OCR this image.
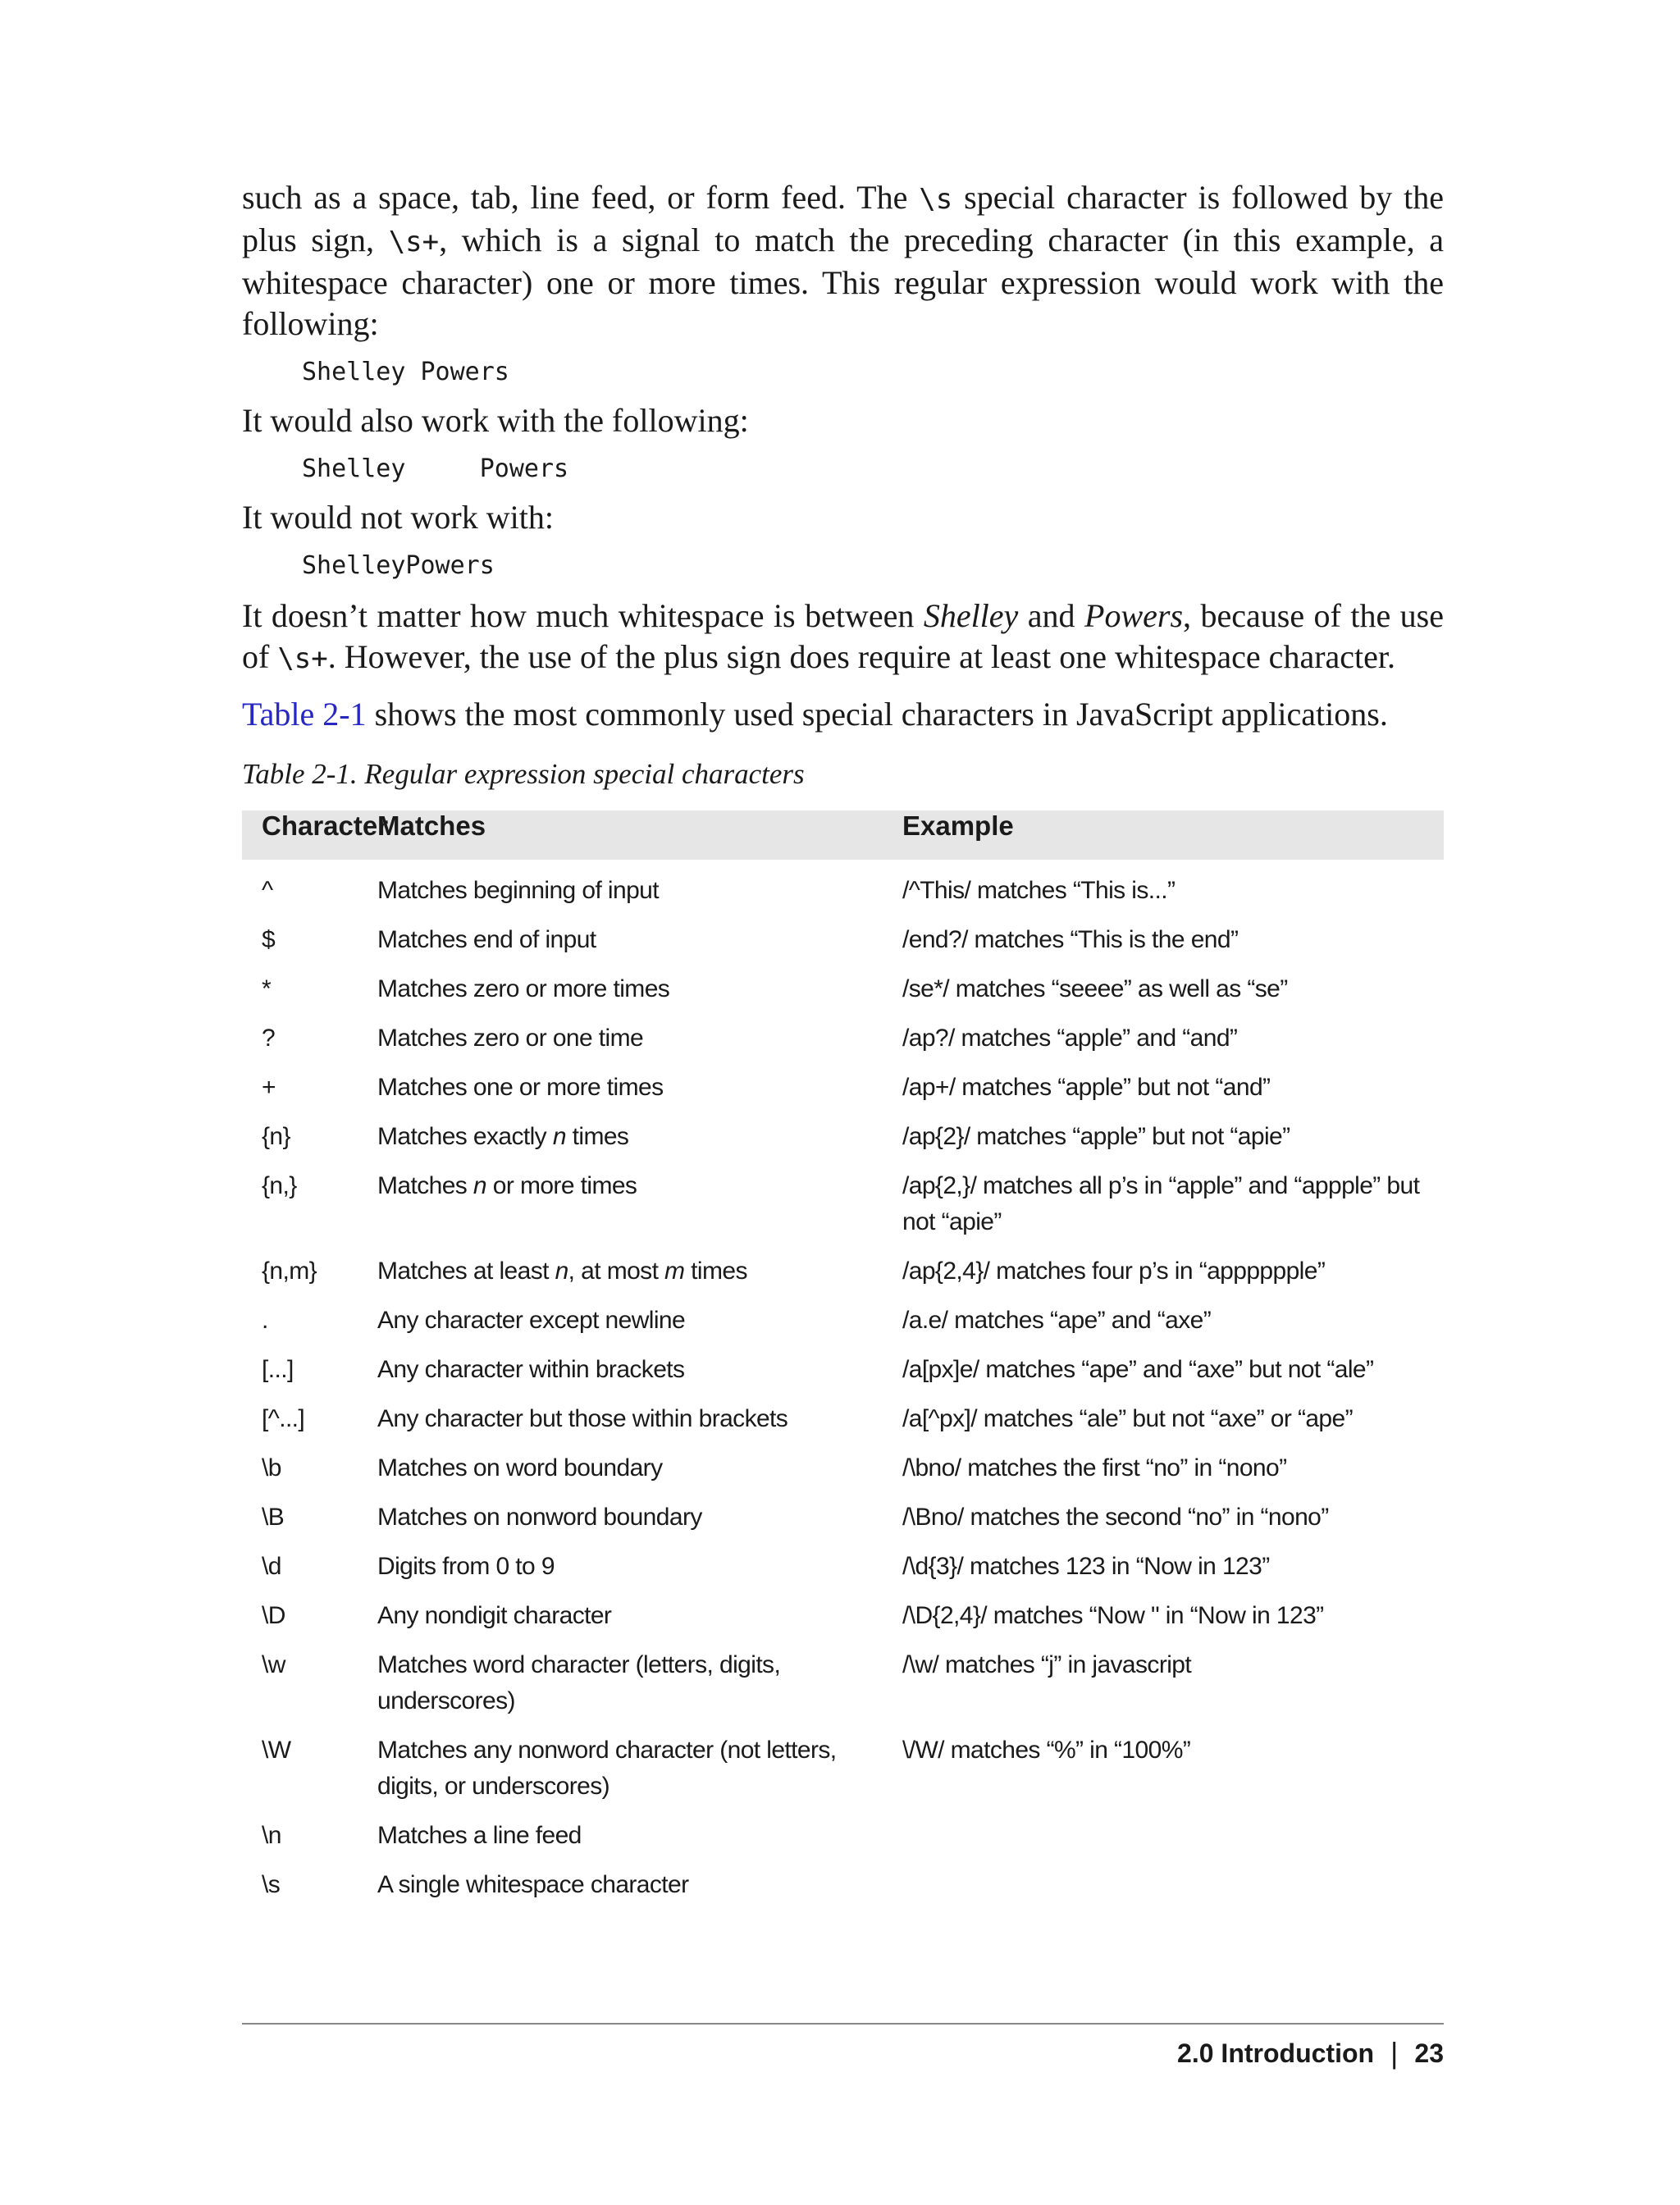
such as a space, tab, line feed, or form feed. The \s special character is followed by the plus sign, \s+, which is a signal to match the preceding character (in this example, a whitespace character) one or more times. This regular expression would work with the following:

Shelley Powers

It would also work with the following:

Shelley     Powers

It would not work with:

ShelleyPowers

It doesn’t matter how much whitespace is between Shelley and Powers, because of the use of \s+. However, the use of the plus sign does require at least one whitespace character.

Table 2-1 shows the most commonly used special characters in JavaScript applications.

Table 2-1. Regular expression special characters

Character	Matches	Example
^	Matches beginning of input	/^This/ matches “This is...”
$	Matches end of input	/end?/ matches “This is the end”
*	Matches zero or more times	/se*/ matches “seeee” as well as “se”
?	Matches zero or one time	/ap?/ matches “apple” and “and”
+	Matches one or more times	/ap+/ matches “apple” but not “and”
{n}	Matches exactly n times	/ap{2}/ matches “apple” but not “apie”
{n,}	Matches n or more times	/ap{2,}/ matches all p’s in “apple” and “appple” but not “apie”
{n,m}	Matches at least n, at most m times	/ap{2,4}/ matches four p’s in “apppppple”
.	Any character except newline	/a.e/ matches “ape” and “axe”
[...]	Any character within brackets	/a[px]e/ matches “ape” and “axe” but not “ale”
[^...]	Any character but those within brackets	/a[^px]/ matches “ale” but not “axe” or “ape”
\b	Matches on word boundary	/\bno/ matches the first “no” in “nono”
\B	Matches on nonword boundary	/\Bno/ matches the second “no” in “nono”
\d	Digits from 0 to 9	/\d{3}/ matches 123 in “Now in 123”
\D	Any nondigit character	/\D{2,4}/ matches “Now " in “Now in 123”
\w	Matches word character (letters, digits, underscores)	/\w/ matches “j” in javascript
\W	Matches any nonword character (not letters, digits, or underscores)	\/W/ matches “%” in “100%”
\n	Matches a line feed	
\s	A single whitespace character	
2.0 Introduction | 23
